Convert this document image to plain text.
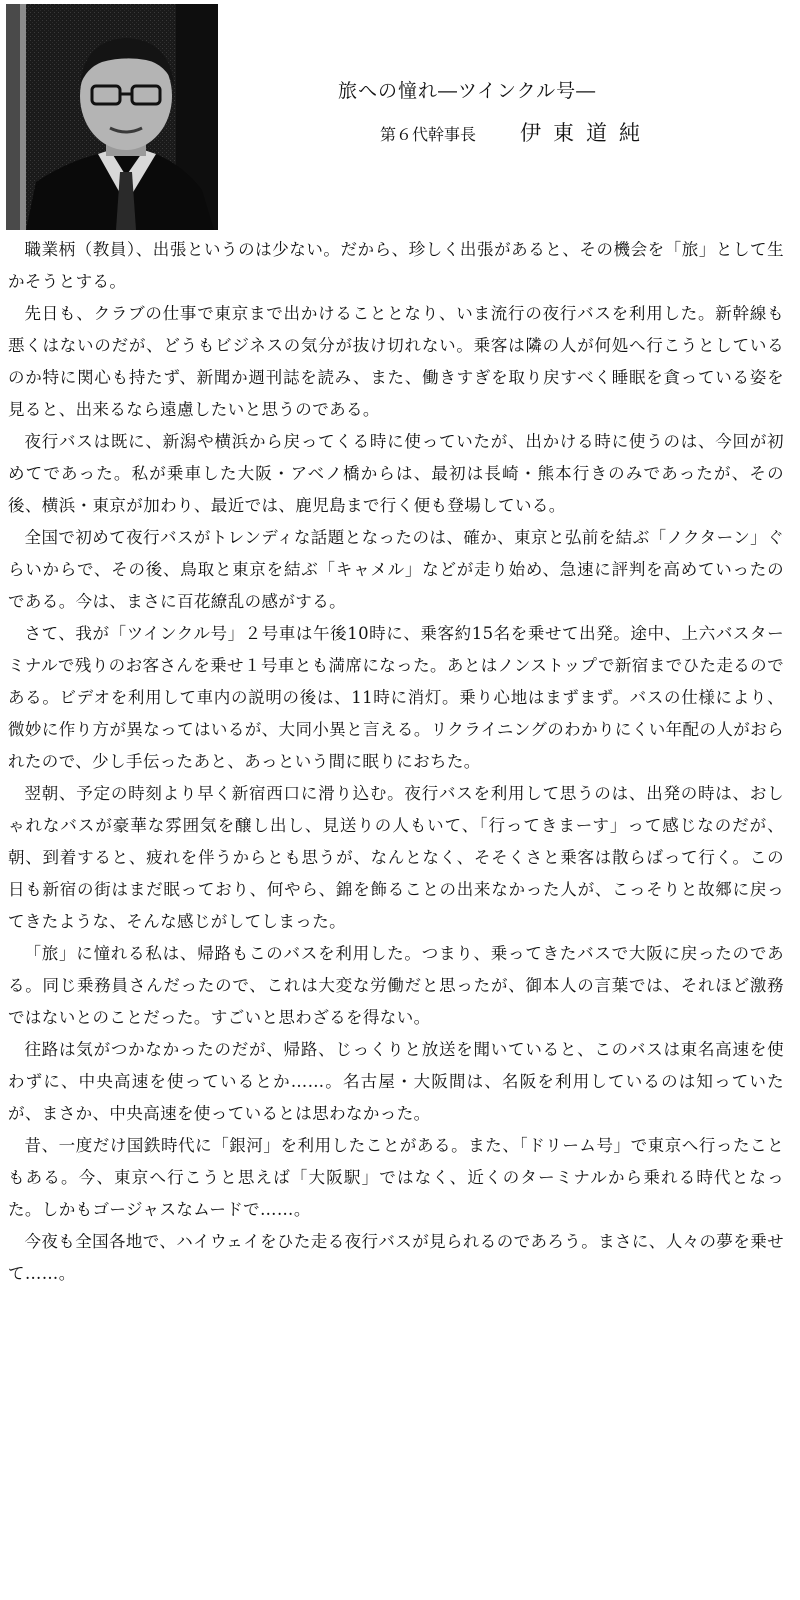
旅への憧れ―ツインクル号―
第６代幹事長 伊東道純

職業柄（教員）、出張というのは少ない。だから、珍しく出張があると、その機会を「旅」として生かそうとする。

先日も、クラブの仕事で東京まで出かけることとなり、いま流行の夜行バスを利用した。新幹線も悪くはないのだが、どうもビジネスの気分が抜け切れない。乗客は隣の人が何処へ行こうとしているのか特に関心も持たず、新聞か週刊誌を読み、また、働きすぎを取り戻すべく睡眠を貪っている姿を見ると、出来るなら遠慮したいと思うのである。

夜行バスは既に、新潟や横浜から戻ってくる時に使っていたが、出かける時に使うのは、今回が初めてであった。私が乗車した大阪・アベノ橋からは、最初は長崎・熊本行きのみであったが、その後、横浜・東京が加わり、最近では、鹿児島まで行く便も登場している。

全国で初めて夜行バスがトレンディな話題となったのは、確か、東京と弘前を結ぶ「ノクターン」ぐらいからで、その後、鳥取と東京を結ぶ「キャメル」などが走り始め、急速に評判を高めていったのである。今は、まさに百花繚乱の感がする。

さて、我が「ツインクル号」２号車は午後10時に、乗客約15名を乗せて出発。途中、上六バスターミナルで残りのお客さんを乗せ１号車とも満席になった。あとはノンストップで新宿までひた走るのである。ビデオを利用して車内の説明の後は、11時に消灯。乗り心地はまずまず。バスの仕様により、微妙に作り方が異なってはいるが、大同小異と言える。リクライニングのわかりにくい年配の人がおられたので、少し手伝ったあと、あっという間に眠りにおちた。

翌朝、予定の時刻より早く新宿西口に滑り込む。夜行バスを利用して思うのは、出発の時は、おしゃれなバスが豪華な雰囲気を醸し出し、見送りの人もいて、「行ってきまーす」って感じなのだが、朝、到着すると、疲れを伴うからとも思うが、なんとなく、そそくさと乗客は散らばって行く。この日も新宿の街はまだ眠っており、何やら、錦を飾ることの出来なかった人が、こっそりと故郷に戻ってきたような、そんな感じがしてしまった。

「旅」に憧れる私は、帰路もこのバスを利用した。つまり、乗ってきたバスで大阪に戻ったのである。同じ乗務員さんだったので、これは大変な労働だと思ったが、御本人の言葉では、それほど激務ではないとのことだった。すごいと思わざるを得ない。

往路は気がつかなかったのだが、帰路、じっくりと放送を聞いていると、このバスは東名高速を使わずに、中央高速を使っているとか……。名古屋・大阪間は、名阪を利用しているのは知っていたが、まさか、中央高速を使っているとは思わなかった。

昔、一度だけ国鉄時代に「銀河」を利用したことがある。また、「ドリーム号」で東京へ行ったこともある。今、東京へ行こうと思えば「大阪駅」ではなく、近くのターミナルから乗れる時代となった。しかもゴージャスなムードで……。

今夜も全国各地で、ハイウェイをひた走る夜行バスが見られるのであろう。まさに、人々の夢を乗せて……。
